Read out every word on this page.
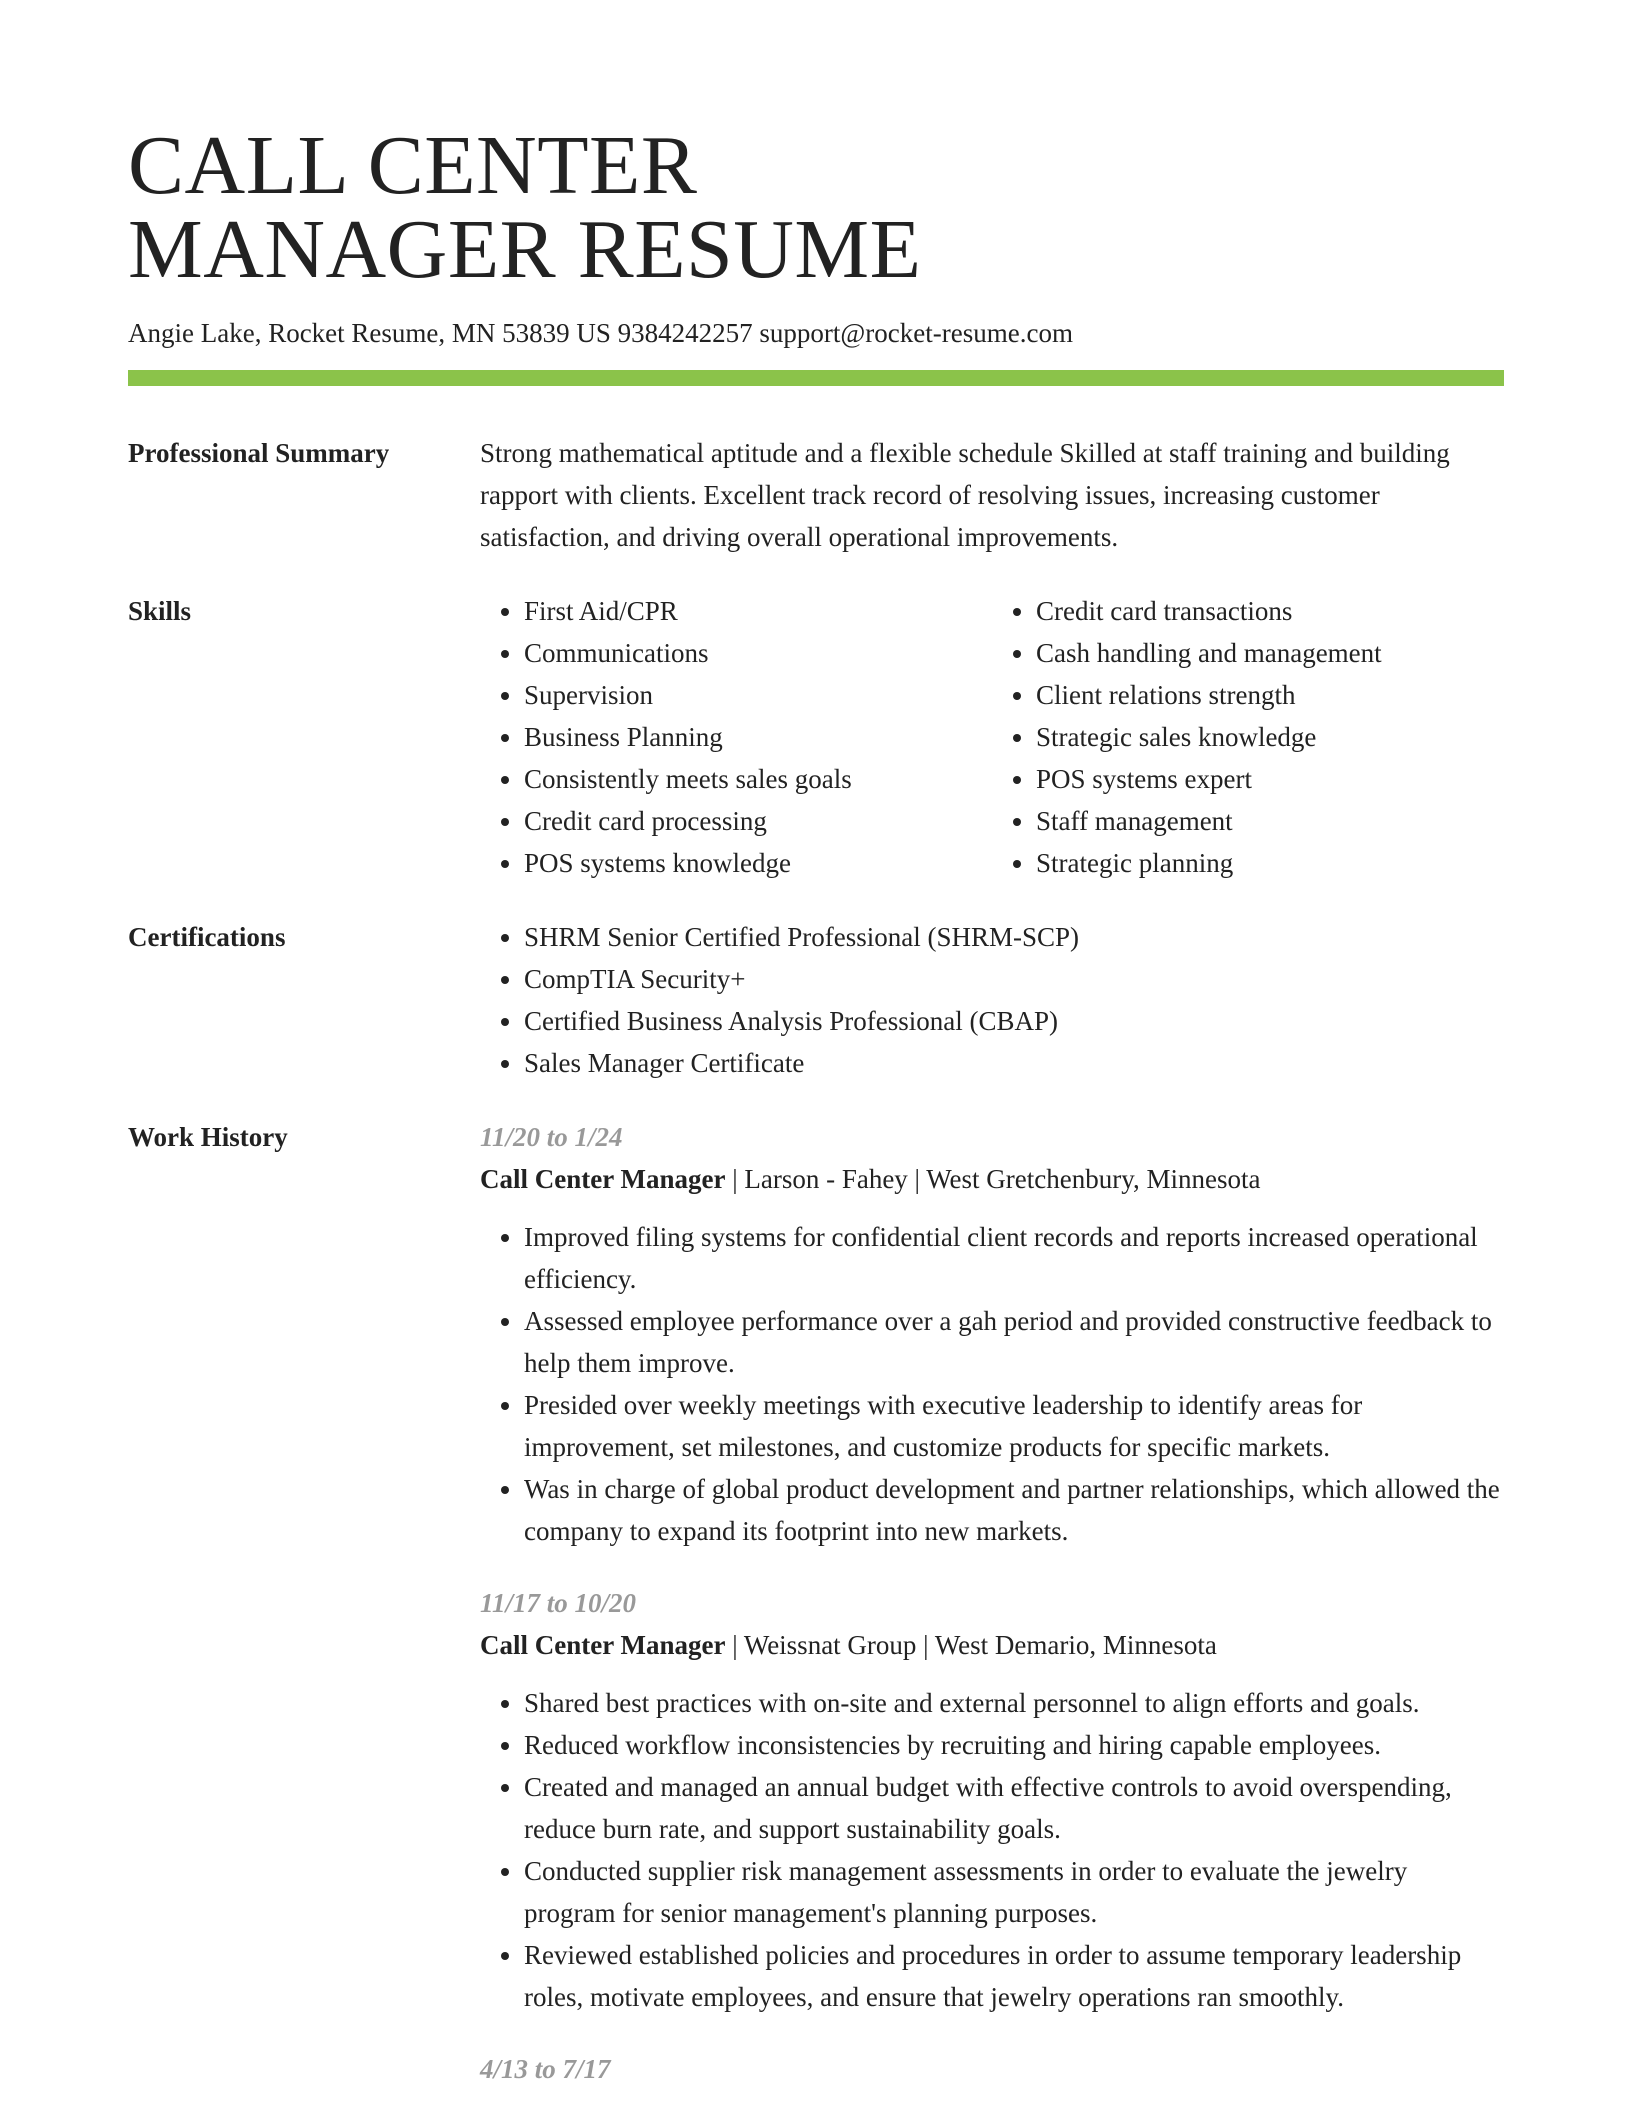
CALL CENTER
MANAGER RESUME
Angie Lake, Rocket Resume, MN 53839 US 9384242257 support@rocket-resume.com
Professional Summary	Strong mathematical aptitude and a flexible schedule Skilled at staff training and building rapport with clients. Excellent track record of resolving issues, increasing customer satisfaction, and driving overall operational improvements.

Skills	• First Aid/CPR
• Communications
• Supervision
• Business Planning
• Consistently meets sales goals
• Credit card processing
• POS systems knowledge
• Credit card transactions
• Cash handling and management
• Client relations strength
• Strategic sales knowledge
• POS systems expert
• Staff management
• Strategic planning
Certifications	• SHRM Senior Certified Professional (SHRM-SCP)
• CompTIA Security+
• Certified Business Analysis Professional (CBAP)
• Sales Manager Certificate
Work History	11/20 to 1/24
Call Center Manager | Larson - Fahey | West Gretchenbury, Minnesota
• Improved filing systems for confidential client records and reports increased operational efficiency.
• Assessed employee performance over a gah period and provided constructive feedback to help them improve.
• Presided over weekly meetings with executive leadership to identify areas for improvement, set milestones, and customize products for specific markets.
• Was in charge of global product development and partner relationships, which allowed the company to expand its footprint into new markets.
11/17 to 10/20
Call Center Manager | Weissnat Group | West Demario, Minnesota
• Shared best practices with on-site and external personnel to align efforts and goals.
• Reduced workflow inconsistencies by recruiting and hiring capable employees.
• Created and managed an annual budget with effective controls to avoid overspending, reduce burn rate, and support sustainability goals.
• Conducted supplier risk management assessments in order to evaluate the jewelry program for senior management's planning purposes.
• Reviewed established policies and procedures in order to assume temporary leadership roles, motivate employees, and ensure that jewelry operations ran smoothly.
4/13 to 7/17
